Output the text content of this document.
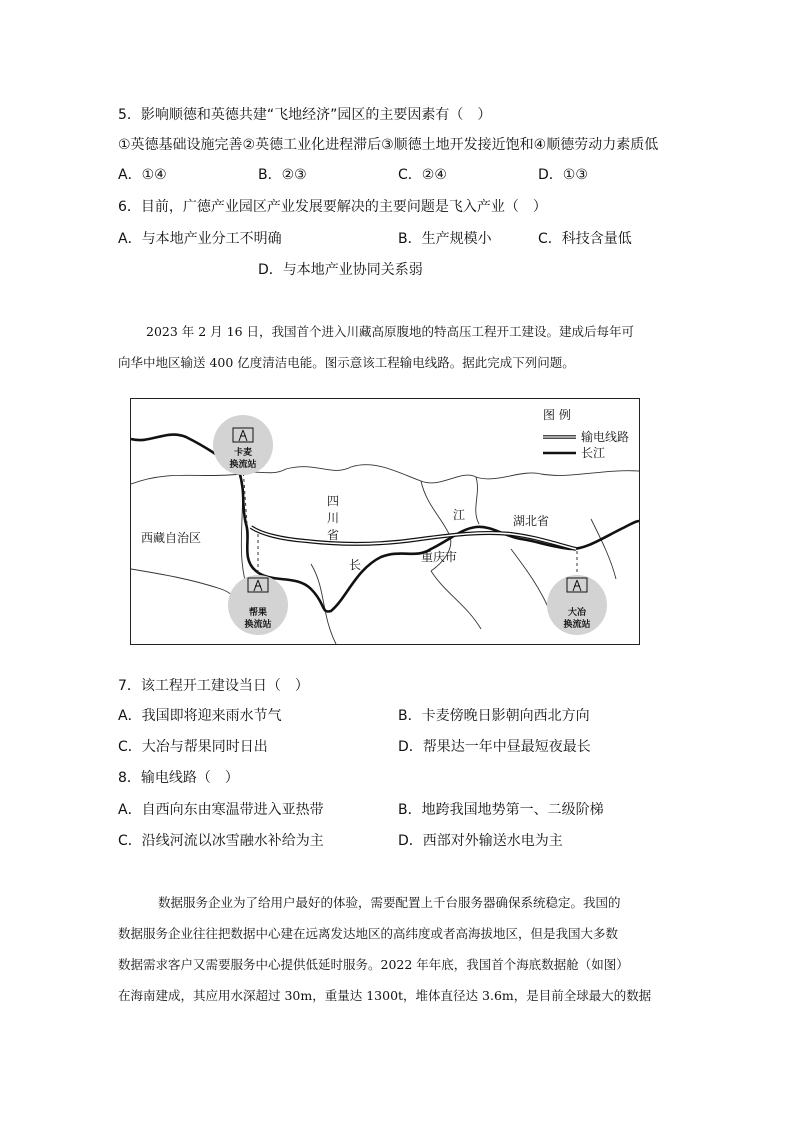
5．影响顺德和英德共建“飞地经济”园区的主要因素有（　）
①英德基础设施完善②英德工业化进程滞后③顺德土地开发接近饱和④顺德劳动力素质低
A．①④	B．②③	C．②④	D．①③
6．目前，广德产业园区产业发展要解决的主要问题是飞入产业（　）
A．与本地产业分工不明确	B．生产规模小	C．科技含量低
D．与本地产业协同关系弱
2023 年 2 月 16 日，我国首个进入川藏高原腹地的特高压工程开工建设。建成后每年可
向华中地区输送 400 亿度清洁电能。图示意该工程输电线路。据此完成下列问题。
卡麦
换流站
帮果
换流站
大冶
换流站
西藏自治区
四
川
省
重庆市
湖北省
江
长
图 例
输电线路
长江
7．该工程开工建设当日（　）
A．我国即将迎来雨水节气	B．卡麦傍晚日影朝向西北方向
C．大冶与帮果同时日出	D．帮果达一年中昼最短夜最长
8．输电线路（　）
A．自西向东由寒温带进入亚热带	B．地跨我国地势第一、二级阶梯
C．沿线河流以冰雪融水补给为主	D．西部对外输送水电为主
数据服务企业为了给用户最好的体验，需要配置上千台服务器确保系统稳定。我国的
数据服务企业往往把数据中心建在远离发达地区的高纬度或者高海拔地区，但是我国大多数
数据需求客户又需要服务中心提供低延时服务。2022 年年底，我国首个海底数据舱（如图）
在海南建成，其应用水深超过 30m，重量达 1300t，堆体直径达 3.6m，是目前全球最大的数据
